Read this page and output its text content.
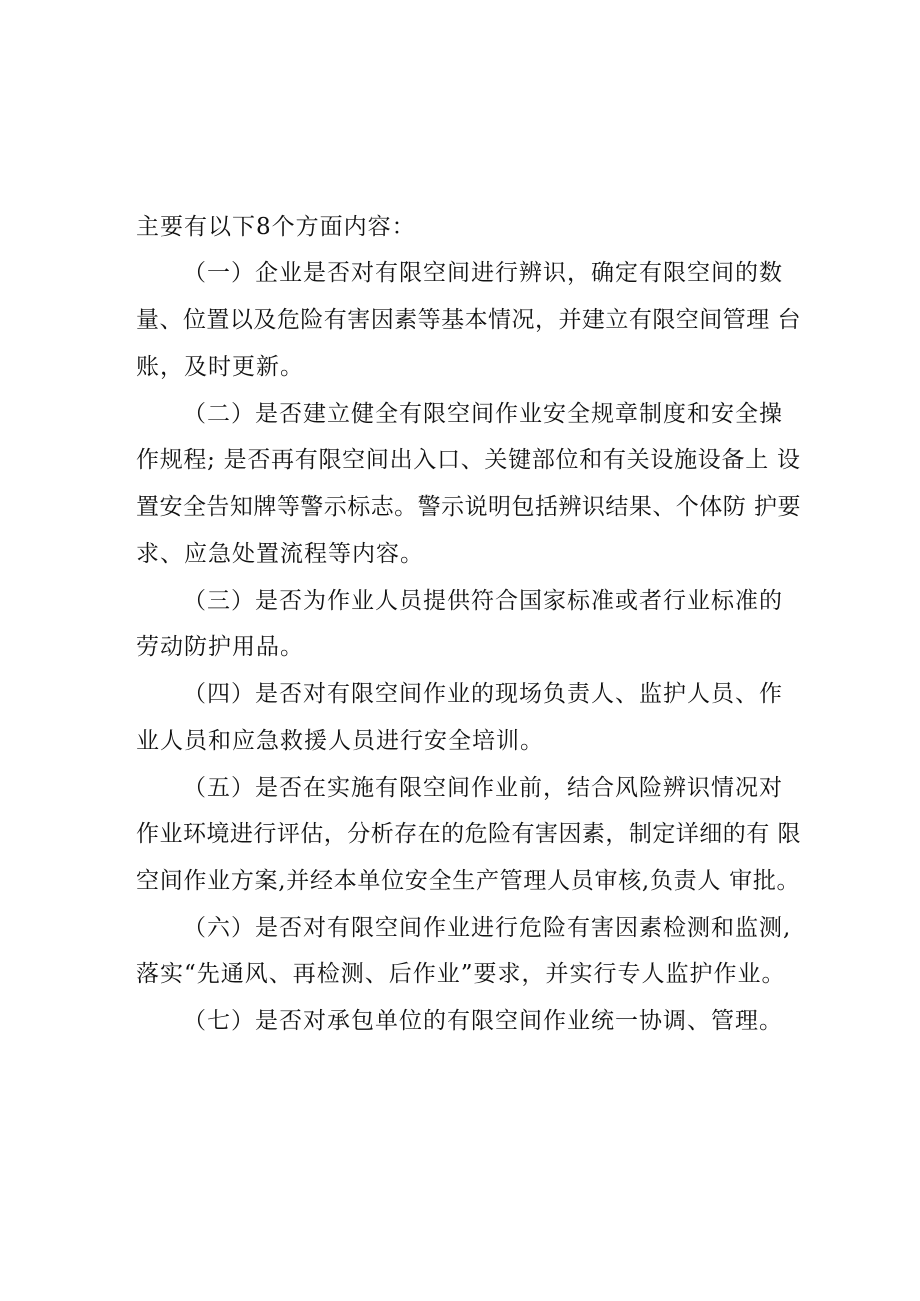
主要有以下8个方面内容：
（一）企业是否对有限空间进行辨识，确定有限空间的数
量、位置以及危险有害因素等基本情况，并建立有限空间管理 台
账，及时更新。
（二）是否建立健全有限空间作业安全规章制度和安全操
作规程; 是否再有限空间出入口、关键部位和有关设施设备上 设
置安全告知牌等警示标志。警示说明包括辨识结果、个体防 护要
求、应急处置流程等内容。
（三）是否为作业人员提供符合国家标准或者行业标准的
劳动防护用品。
（四）是否对有限空间作业的现场负责人、监护人员、作
业人员和应急救援人员进行安全培训。
（五）是否在实施有限空间作业前，结合风险辨识情况对
作业环境进行评估，分析存在的危险有害因素，制定详细的有 限
空间作业方案,并经本单位安全生产管理人员审核,负责人 审批。
（六）是否对有限空间作业进行危险有害因素检测和监测,
落实“先通风、再检测、后作业”要求，并实行专人监护作业。
（七）是否对承包单位的有限空间作业统一协调、管理。
